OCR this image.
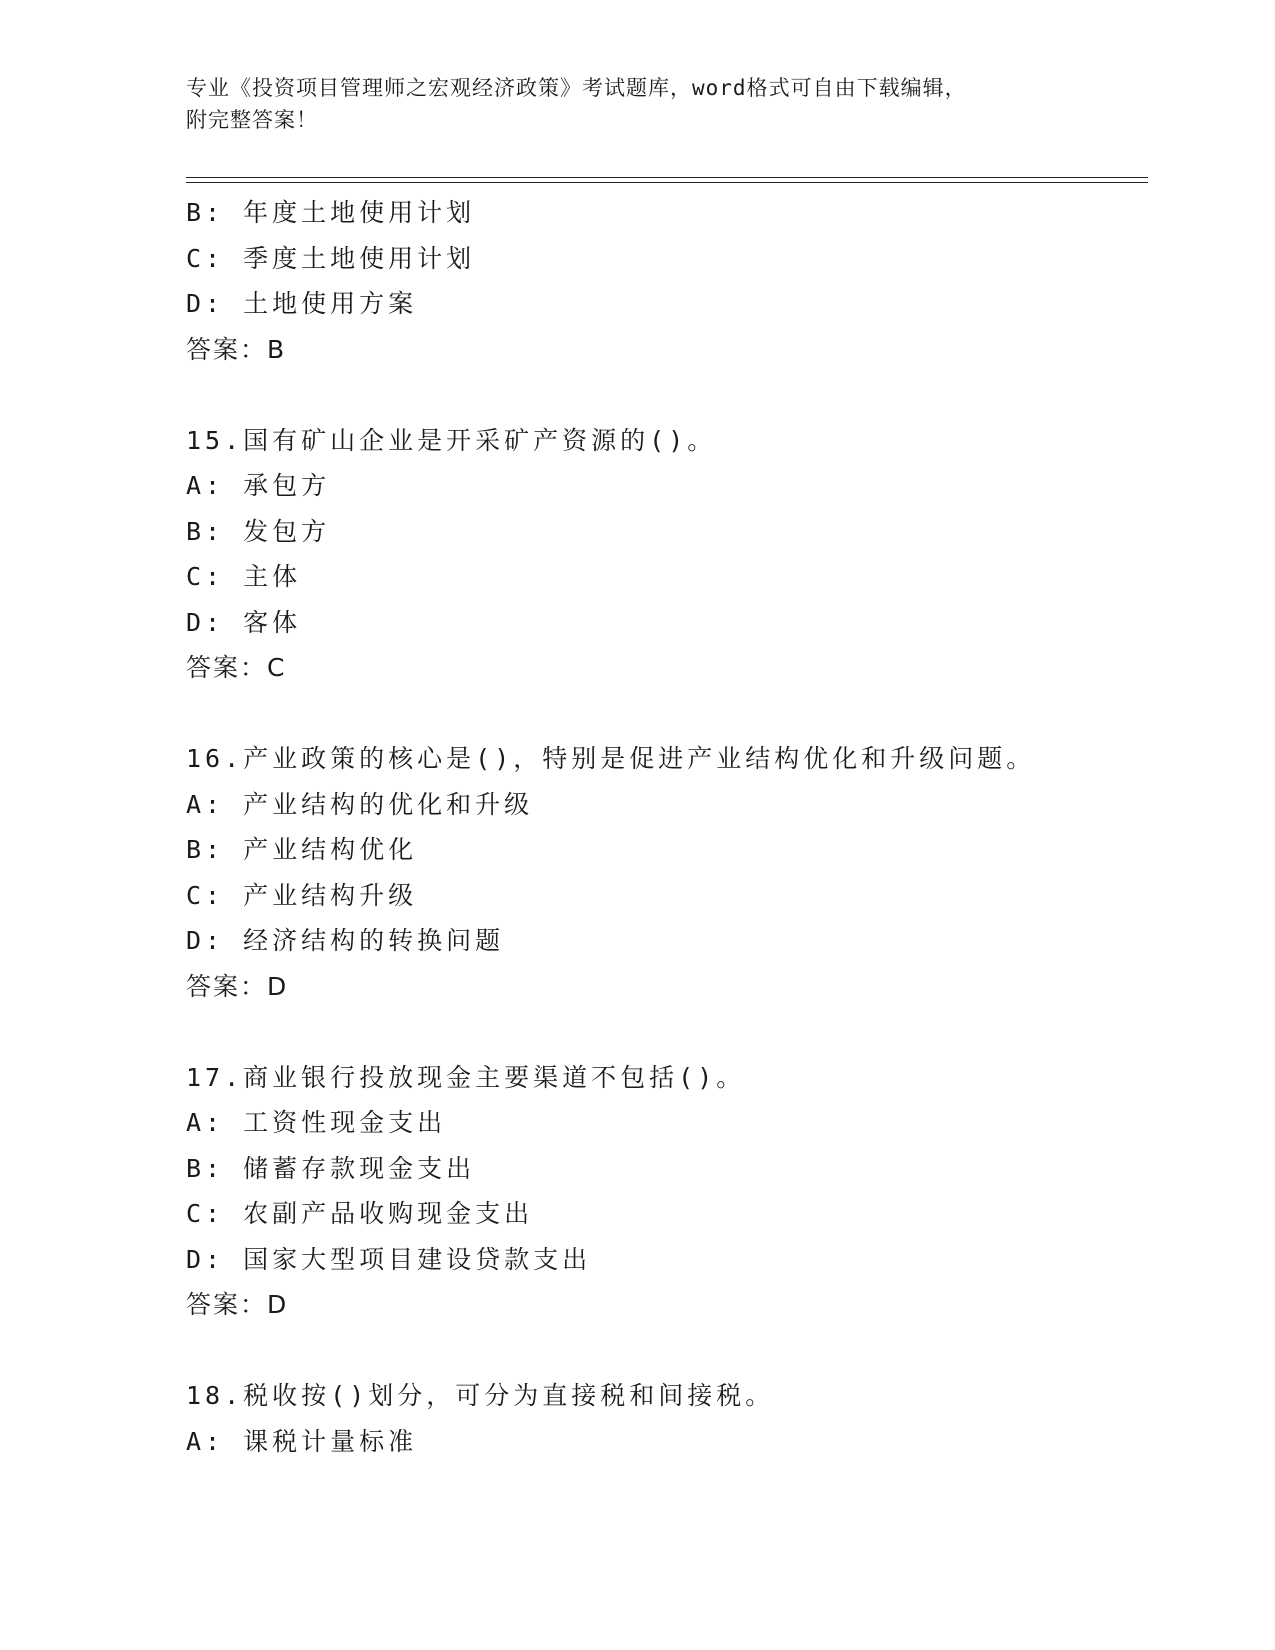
专业《投资项目管理师之宏观经济政策》考试题库，word格式可自由下载编辑，
附完整答案！
B: 年度土地使用计划
C: 季度土地使用计划
D: 土地使用方案
答案：B
15.国有矿山企业是开采矿产资源的()。
A: 承包方
B: 发包方
C: 主体
D: 客体
答案：C
16.产业政策的核心是()，特别是促进产业结构优化和升级问题。
A: 产业结构的优化和升级
B: 产业结构优化
C: 产业结构升级
D: 经济结构的转换问题
答案：D
17.商业银行投放现金主要渠道不包括()。
A: 工资性现金支出
B: 储蓄存款现金支出
C: 农副产品收购现金支出
D: 国家大型项目建设贷款支出
答案：D
18.税收按()划分，可分为直接税和间接税。
A: 课税计量标准
